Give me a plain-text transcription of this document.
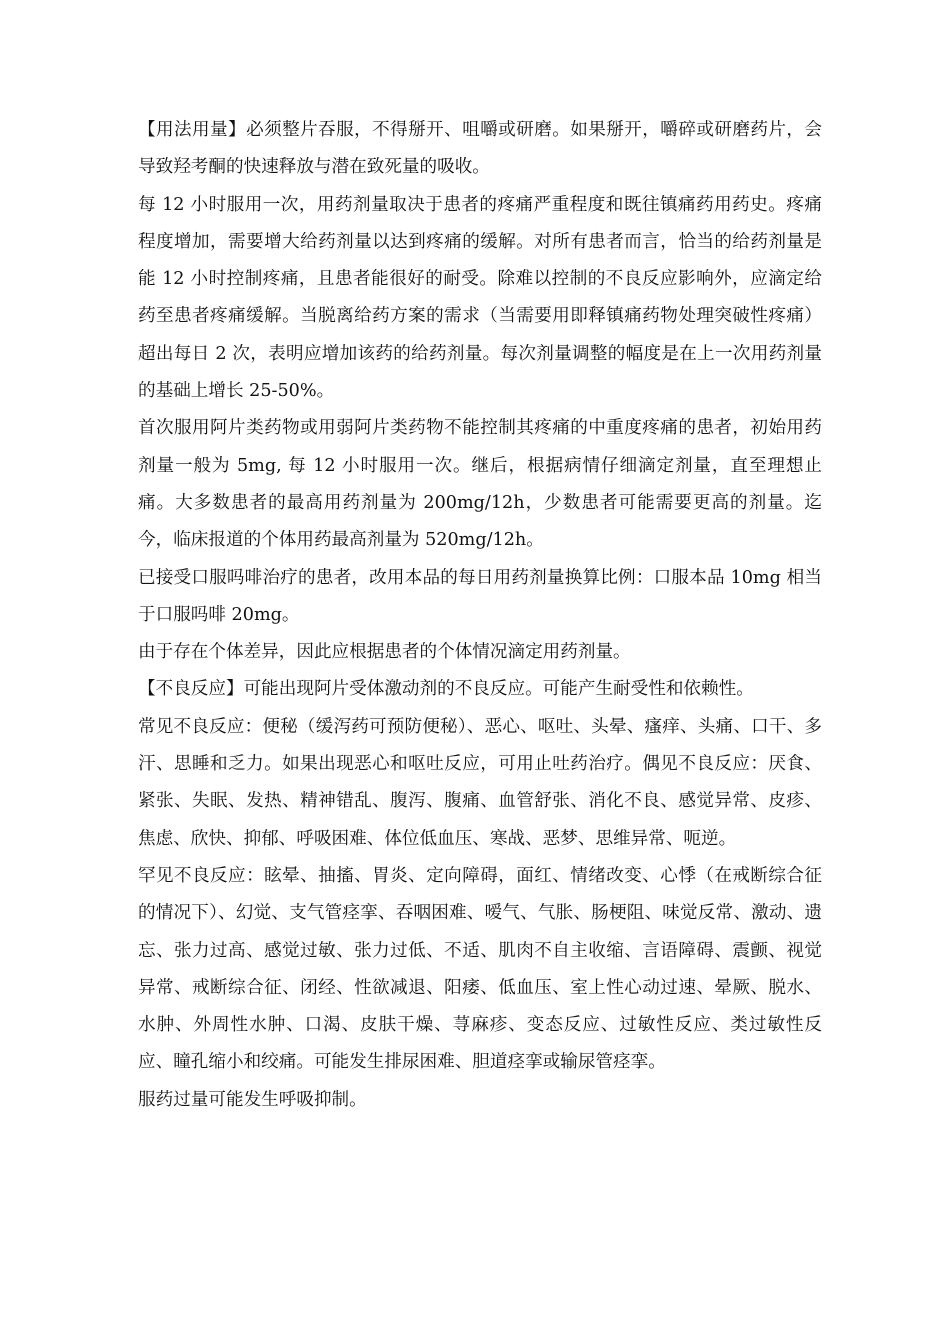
【用法用量】必须整片吞服，不得掰开、咀嚼或研磨。如果掰开，嚼碎或研磨药片，会导致羟考酮的快速释放与潜在致死量的吸收。

每 12 小时服用一次，用药剂量取决于患者的疼痛严重程度和既往镇痛药用药史。疼痛程度增加，需要增大给药剂量以达到疼痛的缓解。对所有患者而言，恰当的给药剂量是能 12 小时控制疼痛，且患者能很好的耐受。除难以控制的不良反应影响外，应滴定给药至患者疼痛缓解。当脱离给药方案的需求（当需要用即释镇痛药物处理突破性疼痛）超出每日 2 次，表明应增加该药的给药剂量。每次剂量调整的幅度是在上一次用药剂量的基础上增长 25-50%。

首次服用阿片类药物或用弱阿片类药物不能控制其疼痛的中重度疼痛的患者，初始用药剂量一般为 5mg, 每 12 小时服用一次。继后，根据病情仔细滴定剂量，直至理想止痛。大多数患者的最高用药剂量为 200mg/12h，少数患者可能需要更高的剂量。迄今，临床报道的个体用药最高剂量为 520mg/12h。

已接受口服吗啡治疗的患者，改用本品的每日用药剂量换算比例：口服本品 10mg 相当于口服吗啡 20mg。

由于存在个体差异，因此应根据患者的个体情况滴定用药剂量。

【不良反应】可能出现阿片受体激动剂的不良反应。可能产生耐受性和依赖性。

常见不良反应：便秘（缓泻药可预防便秘）、恶心、呕吐、头晕、瘙痒、头痛、口干、多汗、思睡和乏力。如果出现恶心和呕吐反应，可用止吐药治疗。偶见不良反应：厌食、紧张、失眠、发热、精神错乱、腹泻、腹痛、血管舒张、消化不良、感觉异常、皮疹、焦虑、欣快、抑郁、呼吸困难、体位低血压、寒战、恶梦、思维异常、呃逆。

罕见不良反应：眩晕、抽搐、胃炎、定向障碍，面红、情绪改变、心悸（在戒断综合征的情况下）、幻觉、支气管痉挛、吞咽困难、嗳气、气胀、肠梗阻、味觉反常、激动、遗忘、张力过高、感觉过敏、张力过低、不适、肌肉不自主收缩、言语障碍、震颤、视觉异常、戒断综合征、闭经、性欲减退、阳痿、低血压、室上性心动过速、晕厥、脱水、水肿、外周性水肿、口渴、皮肤干燥、荨麻疹、变态反应、过敏性反应、类过敏性反应、瞳孔缩小和绞痛。可能发生排尿困难、胆道痉挛或输尿管痉挛。

服药过量可能发生呼吸抑制。
